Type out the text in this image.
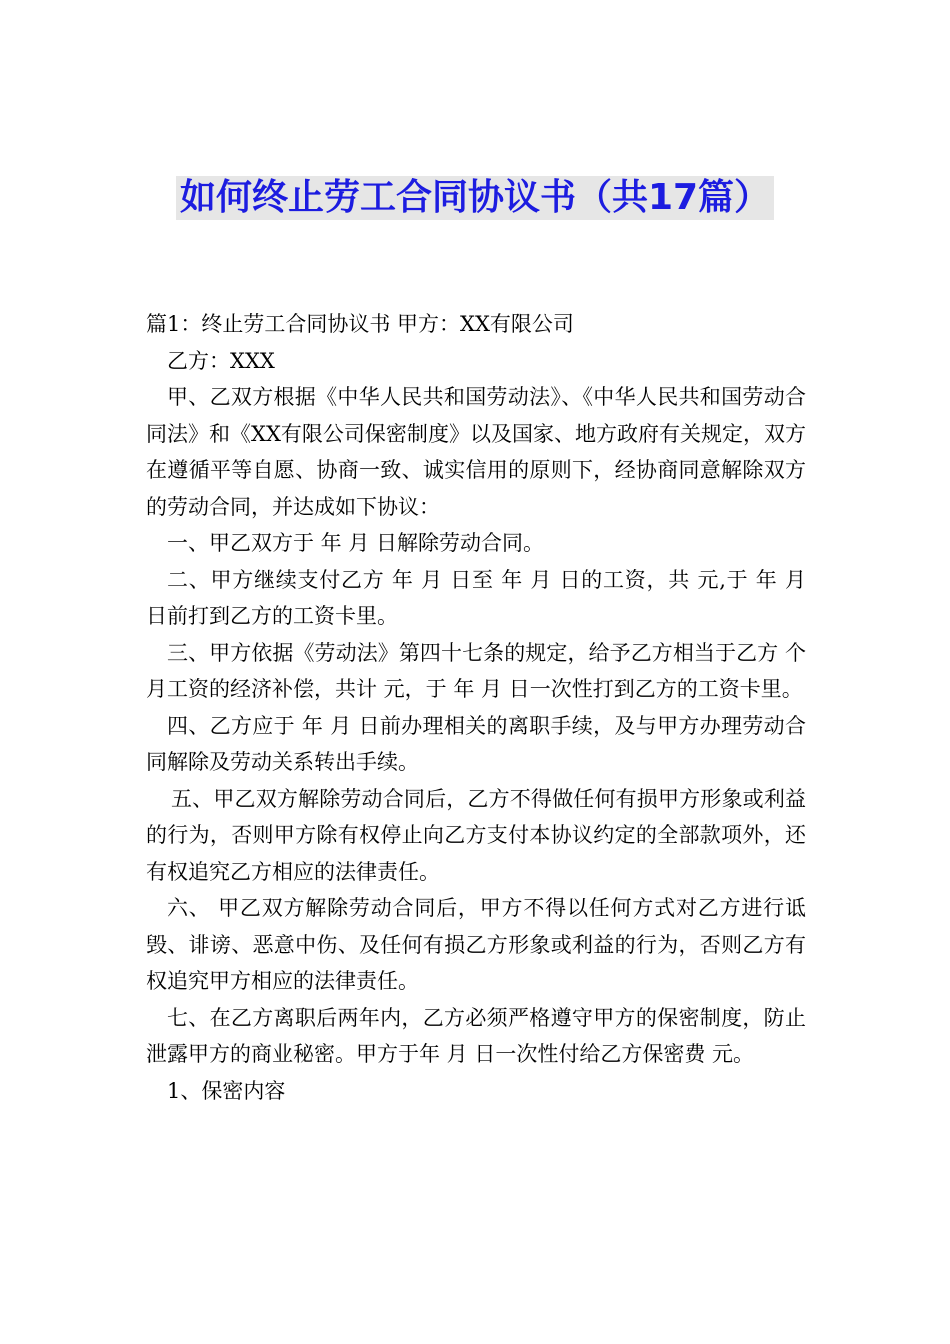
如何终止劳工合同协议书（共17篇）

篇1：终止劳工合同协议书 甲方：XX有限公司

乙方：XXX

甲、乙双方根据《中华人民共和国劳动法》、《中华人民共和国劳动合同法》和《XX有限公司保密制度》以及国家、地方政府有关规定，双方在遵循平等自愿、协商一致、诚实信用的原则下，经协商同意解除双方的劳动合同，并达成如下协议：

一、甲乙双方于 年 月 日解除劳动合同。

二、甲方继续支付乙方 年 月 日至 年 月 日的工资，共 元,于 年 月 日前打到乙方的工资卡里。

三、甲方依据《劳动法》第四十七条的规定，给予乙方相当于乙方 个月工资的经济补偿，共计 元，于 年 月 日一次性打到乙方的工资卡里。

四、乙方应于 年 月 日前办理相关的离职手续，及与甲方办理劳动合同解除及劳动关系转出手续。

五、甲乙双方解除劳动合同后，乙方不得做任何有损甲方形象或利益的行为，否则甲方除有权停止向乙方支付本协议约定的全部款项外，还有权追究乙方相应的法律责任。

六、 甲乙双方解除劳动合同后，甲方不得以任何方式对乙方进行诋毁、诽谤、恶意中伤、及任何有损乙方形象或利益的行为，否则乙方有权追究甲方相应的法律责任。

七、在乙方离职后两年内，乙方必须严格遵守甲方的保密制度，防止泄露甲方的商业秘密。甲方于年 月 日一次性付给乙方保密费 元。

1、保密内容
